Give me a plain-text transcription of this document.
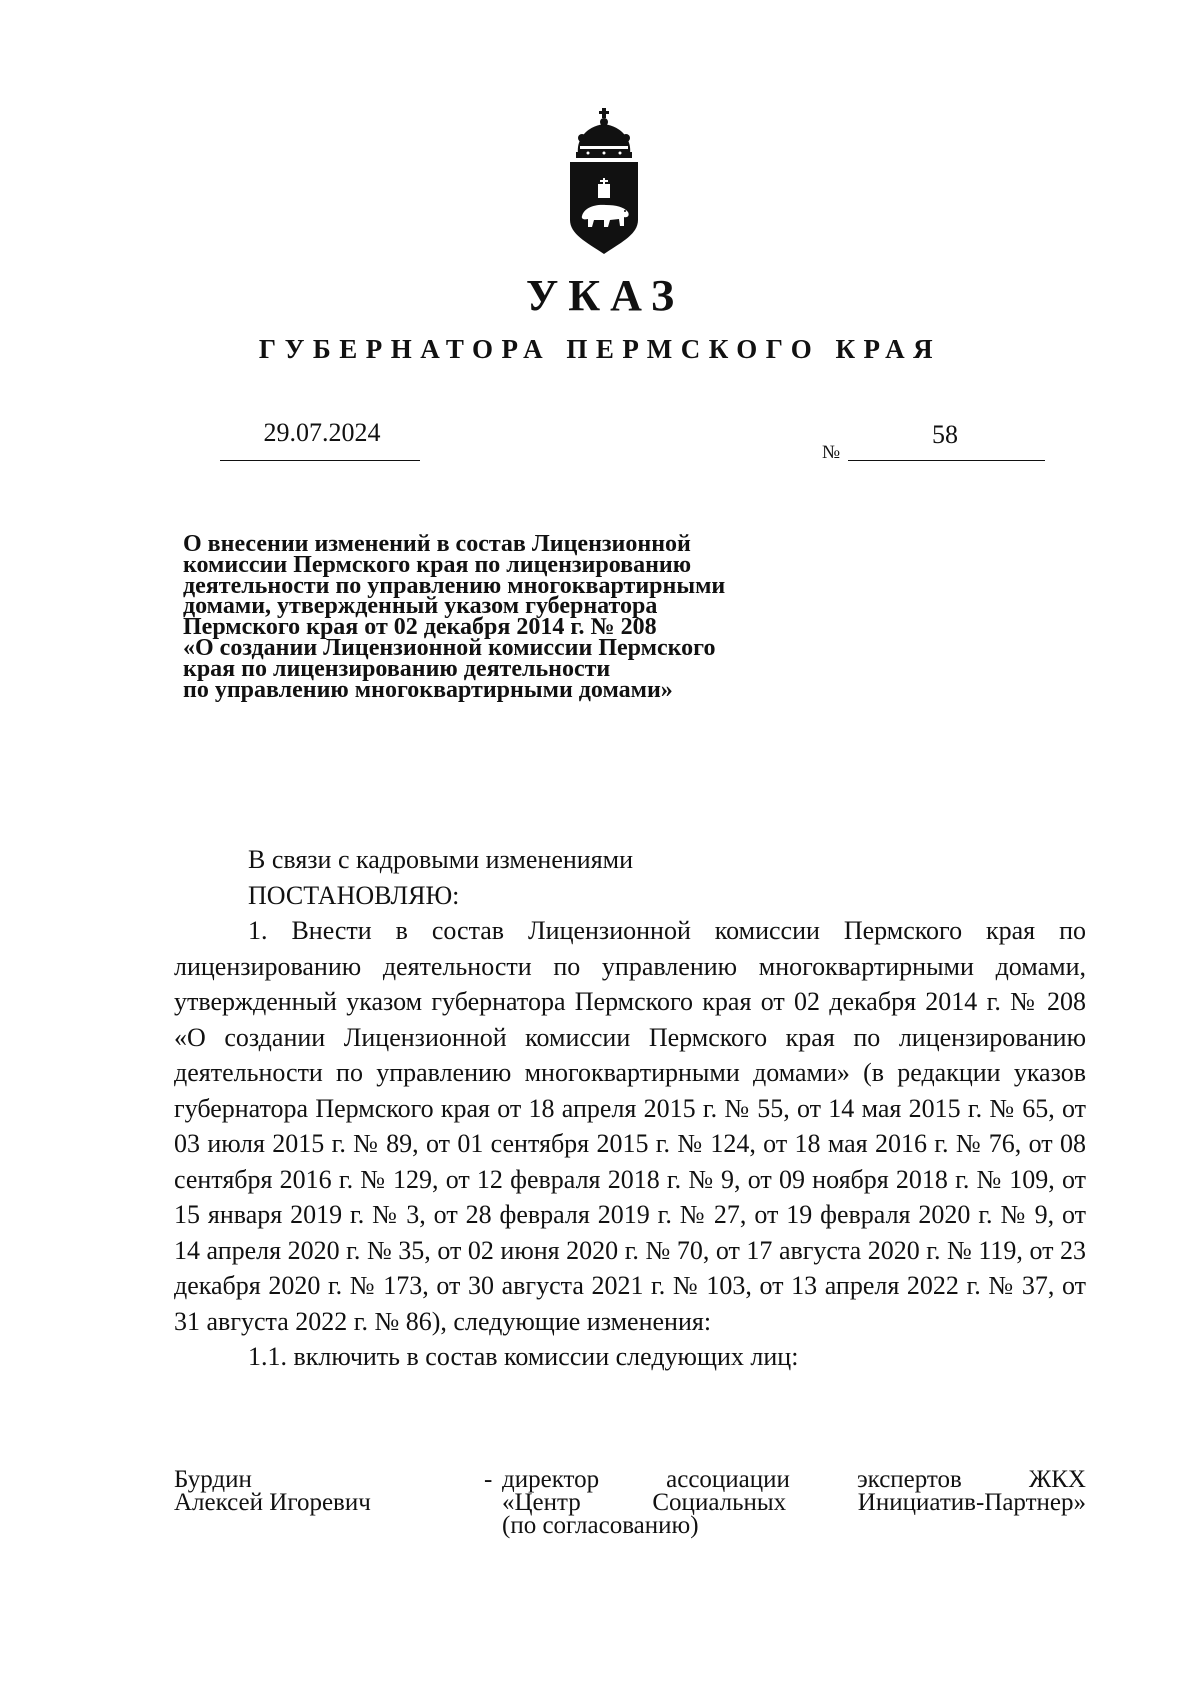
УКАЗ
ГУБЕРНАТОРА ПЕРМСКОГО КРАЯ
29.07.2024
№
58
О внесении изменений в состав Лицензионной
комиссии Пермского края по лицензированию
деятельности по управлению многоквартирными
домами, утвержденный указом губернатора
Пермского края от 02 декабря 2014 г. № 208
«О создании Лицензионной комиссии Пермского
края по лицензированию деятельности
по управлению многоквартирными домами»
В связи с кадровыми изменениями
ПОСТАНОВЛЯЮ:
1. Внести в состав Лицензионной комиссии Пермского края по лицензированию деятельности по управлению многоквартирными домами, утвержденный указом губернатора Пермского края от 02 декабря 2014 г. № 208 «О создании Лицензионной комиссии Пермского края по лицензированию деятельности по управлению многоквартирными домами» (в редакции указов губернатора Пермского края от 18 апреля 2015 г. № 55, от 14 мая 2015 г. № 65, от 03 июля 2015 г. № 89, от 01 сентября 2015 г. № 124, от 18 мая 2016 г. № 76, от 08 сентября 2016 г. № 129, от 12 февраля 2018 г. № 9, от 09 ноября 2018 г. № 109, от 15 января 2019 г. № 3, от 28 февраля 2019 г. № 27, от 19 февраля 2020 г. № 9, от 14 апреля 2020 г. № 35, от 02 июня 2020 г. № 70, от 17 августа 2020 г. № 119, от 23 декабря 2020 г. № 173, от 30 августа 2021 г. № 103, от 13 апреля 2022 г. № 37, от 31 августа 2022 г. № 86), следующие изменения:
1.1. включить в состав комиссии следующих лиц:
Бурдин
Алексей Игоревич
- директор ассоциации экспертов ЖКХ
«Центр Социальных Инициатив-Партнер»
(по согласованию)
